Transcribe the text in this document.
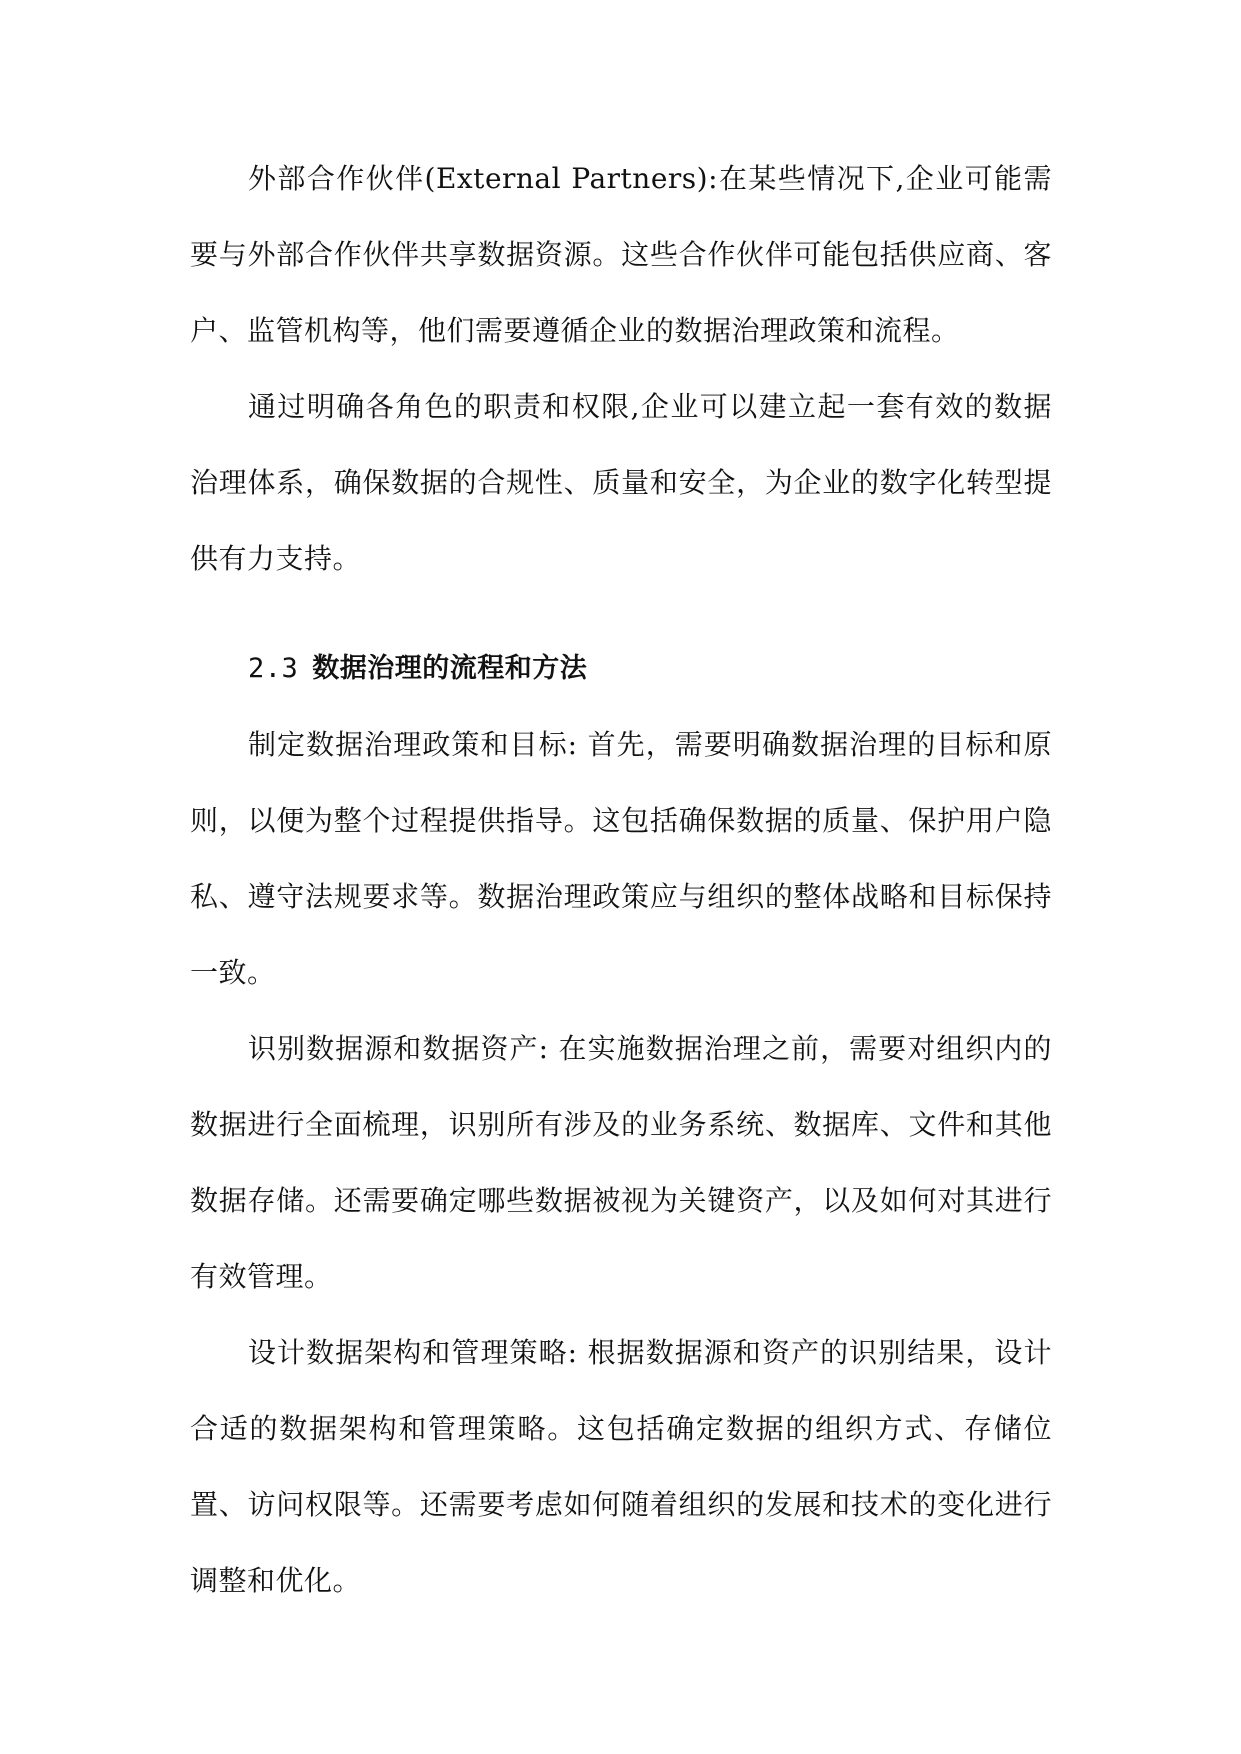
外部合作伙伴(External Partners):在某些情况下,企业可能需要与外部合作伙伴共享数据资源。这些合作伙伴可能包括供应商、客户、监管机构等，他们需要遵循企业的数据治理政策和流程。

通过明确各角色的职责和权限,企业可以建立起一套有效的数据治理体系，确保数据的合规性、质量和安全，为企业的数字化转型提供有力支持。

2.3 数据治理的流程和方法

制定数据治理政策和目标: 首先，需要明确数据治理的目标和原则，以便为整个过程提供指导。这包括确保数据的质量、保护用户隐私、遵守法规要求等。数据治理政策应与组织的整体战略和目标保持一致。

识别数据源和数据资产: 在实施数据治理之前，需要对组织内的数据进行全面梳理，识别所有涉及的业务系统、数据库、文件和其他数据存储。还需要确定哪些数据被视为关键资产，以及如何对其进行有效管理。

设计数据架构和管理策略: 根据数据源和资产的识别结果，设计合适的数据架构和管理策略。这包括确定数据的组织方式、存储位置、访问权限等。还需要考虑如何随着组织的发展和技术的变化进行调整和优化。
